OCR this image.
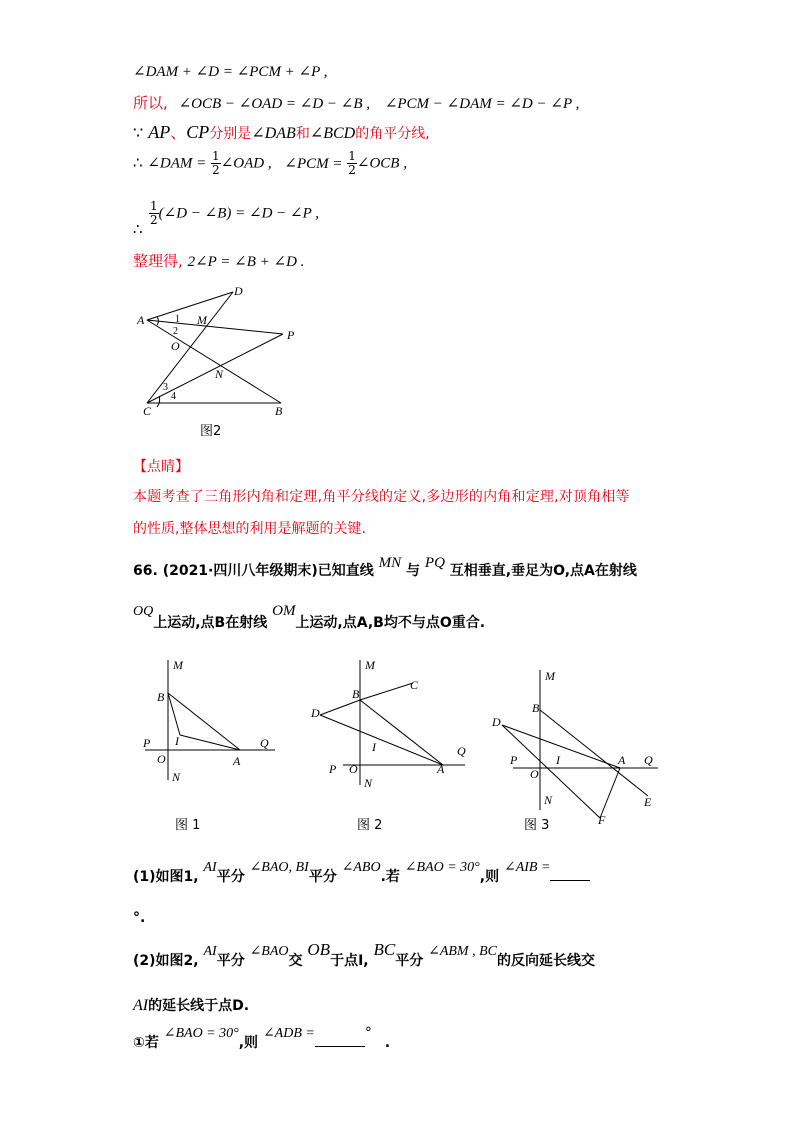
∠DAM + ∠D = ∠PCM + ∠P ,
所以, ∠OCB − ∠OAD = ∠D − ∠B , ∠PCM − ∠DAM = ∠D − ∠P ,
∵ AP、CP分别是∠DAB和∠BCD的角平分线,
∴ ∠DAM = $\frac{1}{2}$ ∠OAD , ∠PCM = $\frac{1}{2}$ ∠OCB ,
∴
$\frac{1}{2}$ (∠D − ∠B) = ∠D − ∠P ,
整理得, 2∠P = ∠B + ∠D .
A
D
M
P
O
N
C	B
1
2
3
4
图2
【点睛】
本题考查了三角形内角和定理,角平分线的定义,多边形的内角和定理,对顶角相等
的性质,整体思想的利用是解题的关键.
66. (2021·四川八年级期末)已知直线 MN 与 PQ 互相垂直,垂足为O,点A在射线
OQ上运动,点B在射线 OM上运动,点A,B均不与点O重合.
M
B
I
P
O	A
Q
N
图 1
M
C
B
D
I
P O	A
Q
N
图 2
M
B
D
P	I	A Q
O
N	E
F
图 3
(1)如图1, AI平分 ∠BAO, BI平分 ∠ABO.若 ∠BAO = 30°,则 ∠AIB =
°.
(2)如图2, AI平分 ∠BAO交 OB于点I, BC平分 ∠ABM , BC的反向延长线交
AI的延长线于点D.
①若 ∠BAO = 30°,则 ∠ADB =	° .
